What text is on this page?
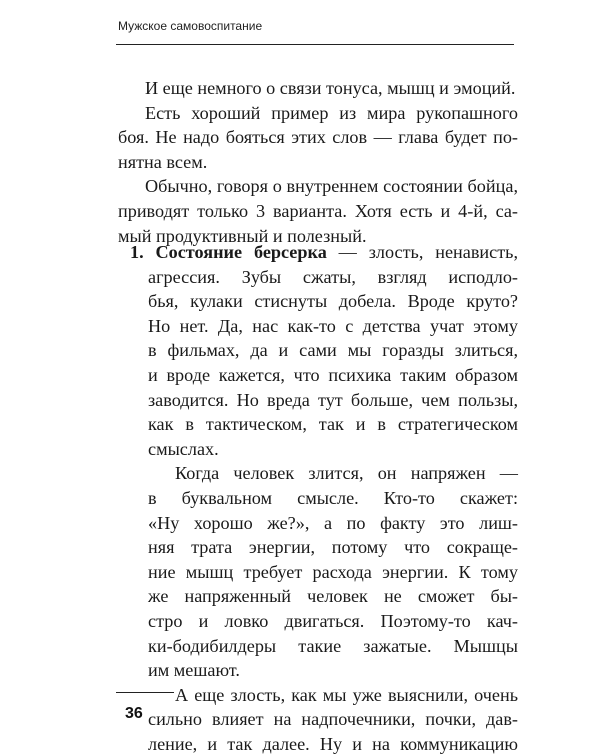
Мужское самовоспитание

И еще немного о связи тонуса, мышц и эмоций.

Есть хороший пример из мира рукопашного
боя. Не надо бояться этих слов — глава будет по-
нятна всем.

Обычно, говоря о внутреннем состоянии бойца,
приводят только 3 варианта. Хотя есть и 4-й, са-
мый продуктивный и полезный.

1. Состояние берсерка — злость, ненависть,

агрессия. Зубы сжаты, взгляд исподло-
бья, кулаки стиснуты добела. Вроде круто?
Но нет. Да, нас как-то с детства учат этому
в фильмах, да и сами мы горазды злиться,
и вроде кажется, что психика таким образом
заводится. Но вреда тут больше, чем пользы,
как в тактическом, так и в стратегическом
смыслах.

Когда человек злится, он напряжен —
в буквальном смысле. Кто-то скажет:
«Ну хорошо же?», а по факту это лиш-
няя трата энергии, потому что сокраще-
ние мышц требует расхода энергии. К тому
же напряженный человек не сможет бы-
стро и ловко двигаться. Поэтому-то кач-
ки-бодибилдеры такие зажатые. Мышцы
им мешают.

А еще злость, как мы уже выяснили, очень
сильно влияет на надпочечники, почки, дав-
ление, и так далее. Ну и на коммуникацию

36
